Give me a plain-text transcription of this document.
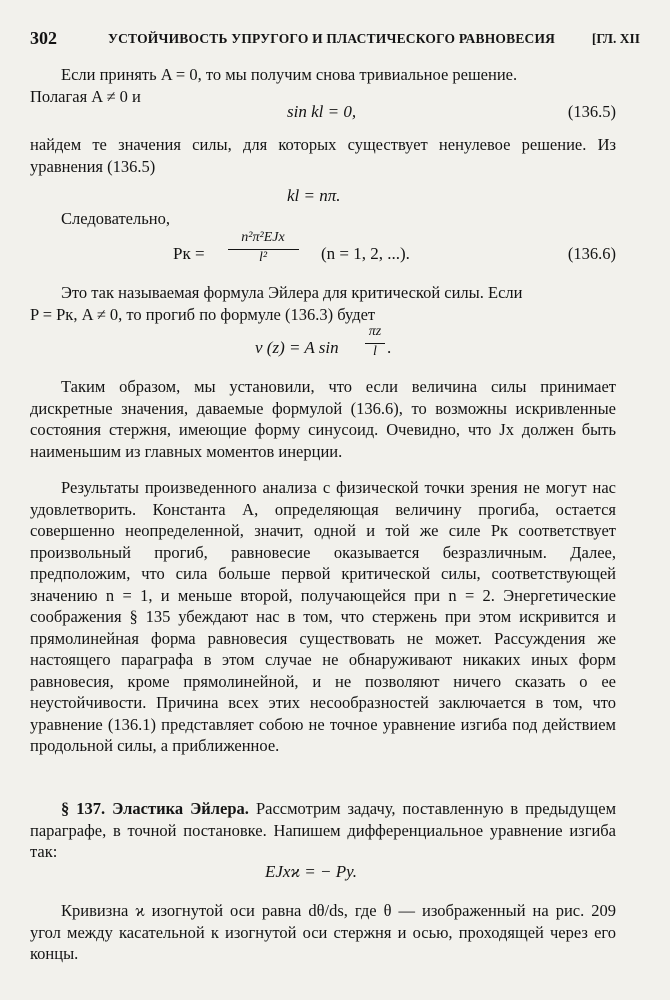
302	УСТОЙЧИВОСТЬ УПРУГОГО И ПЛАСТИЧЕСКОГО РАВНОВЕСИЯ	[ГЛ. XII
Если принять A = 0, то мы получим снова тривиальное решение.
Полагая A ≠ 0 и
sin kl = 0,	(136.5)
найдем те значения силы, для которых существует ненулевое решение. Из уравнения (136.5)
kl = nπ.
Следовательно,
Pк =
n²π²EJx
l²	(n = 1, 2, ...).	(136.6)
Это так называемая формула Эйлера для критической силы. Если
P = Pк, A ≠ 0, то прогиб по формуле (136.3) будет
v (z) = A sin
πz
l .
Таким образом, мы установили, что если величина силы принимает дискретные значения, даваемые формулой (136.6), то возможны искривленные состояния стержня, имеющие форму синусоид. Очевидно, что Jx должен быть наименьшим из главных моментов инерции.
Результаты произведенного анализа с физической точки зрения не могут нас удовлетворить. Константа A, определяющая величину прогиба, остается совершенно неопределенной, значит, одной и той же силе Pк соответствует произвольный прогиб, равновесие оказывается безразличным. Далее, предположим, что сила больше первой критической силы, соответствующей значению n = 1, и меньше второй, получающейся при n = 2. Энергетические соображения § 135 убеждают нас в том, что стержень при этом искривится и прямолинейная форма равновесия существовать не может. Рассуждения же настоящего параграфа в этом случае не обнаруживают никаких иных форм равновесия, кроме прямолинейной, и не позволяют ничего сказать о ее неустойчивости. Причина всех этих несообразностей заключается в том, что уравнение (136.1) представляет собою не точное уравнение изгиба под действием продольной силы, а приближенное.
§ 137. Эластика Эйлера. Рассмотрим задачу, поставленную в предыдущем параграфе, в точной постановке. Напишем дифференциальное уравнение изгиба так:
EJxϰ = − Py.
Кривизна ϰ изогнутой оси равна dθ/ds, где θ — изображенный на рис. 209 угол между касательной к изогнутой оси стержня и осью, проходящей через его концы.
